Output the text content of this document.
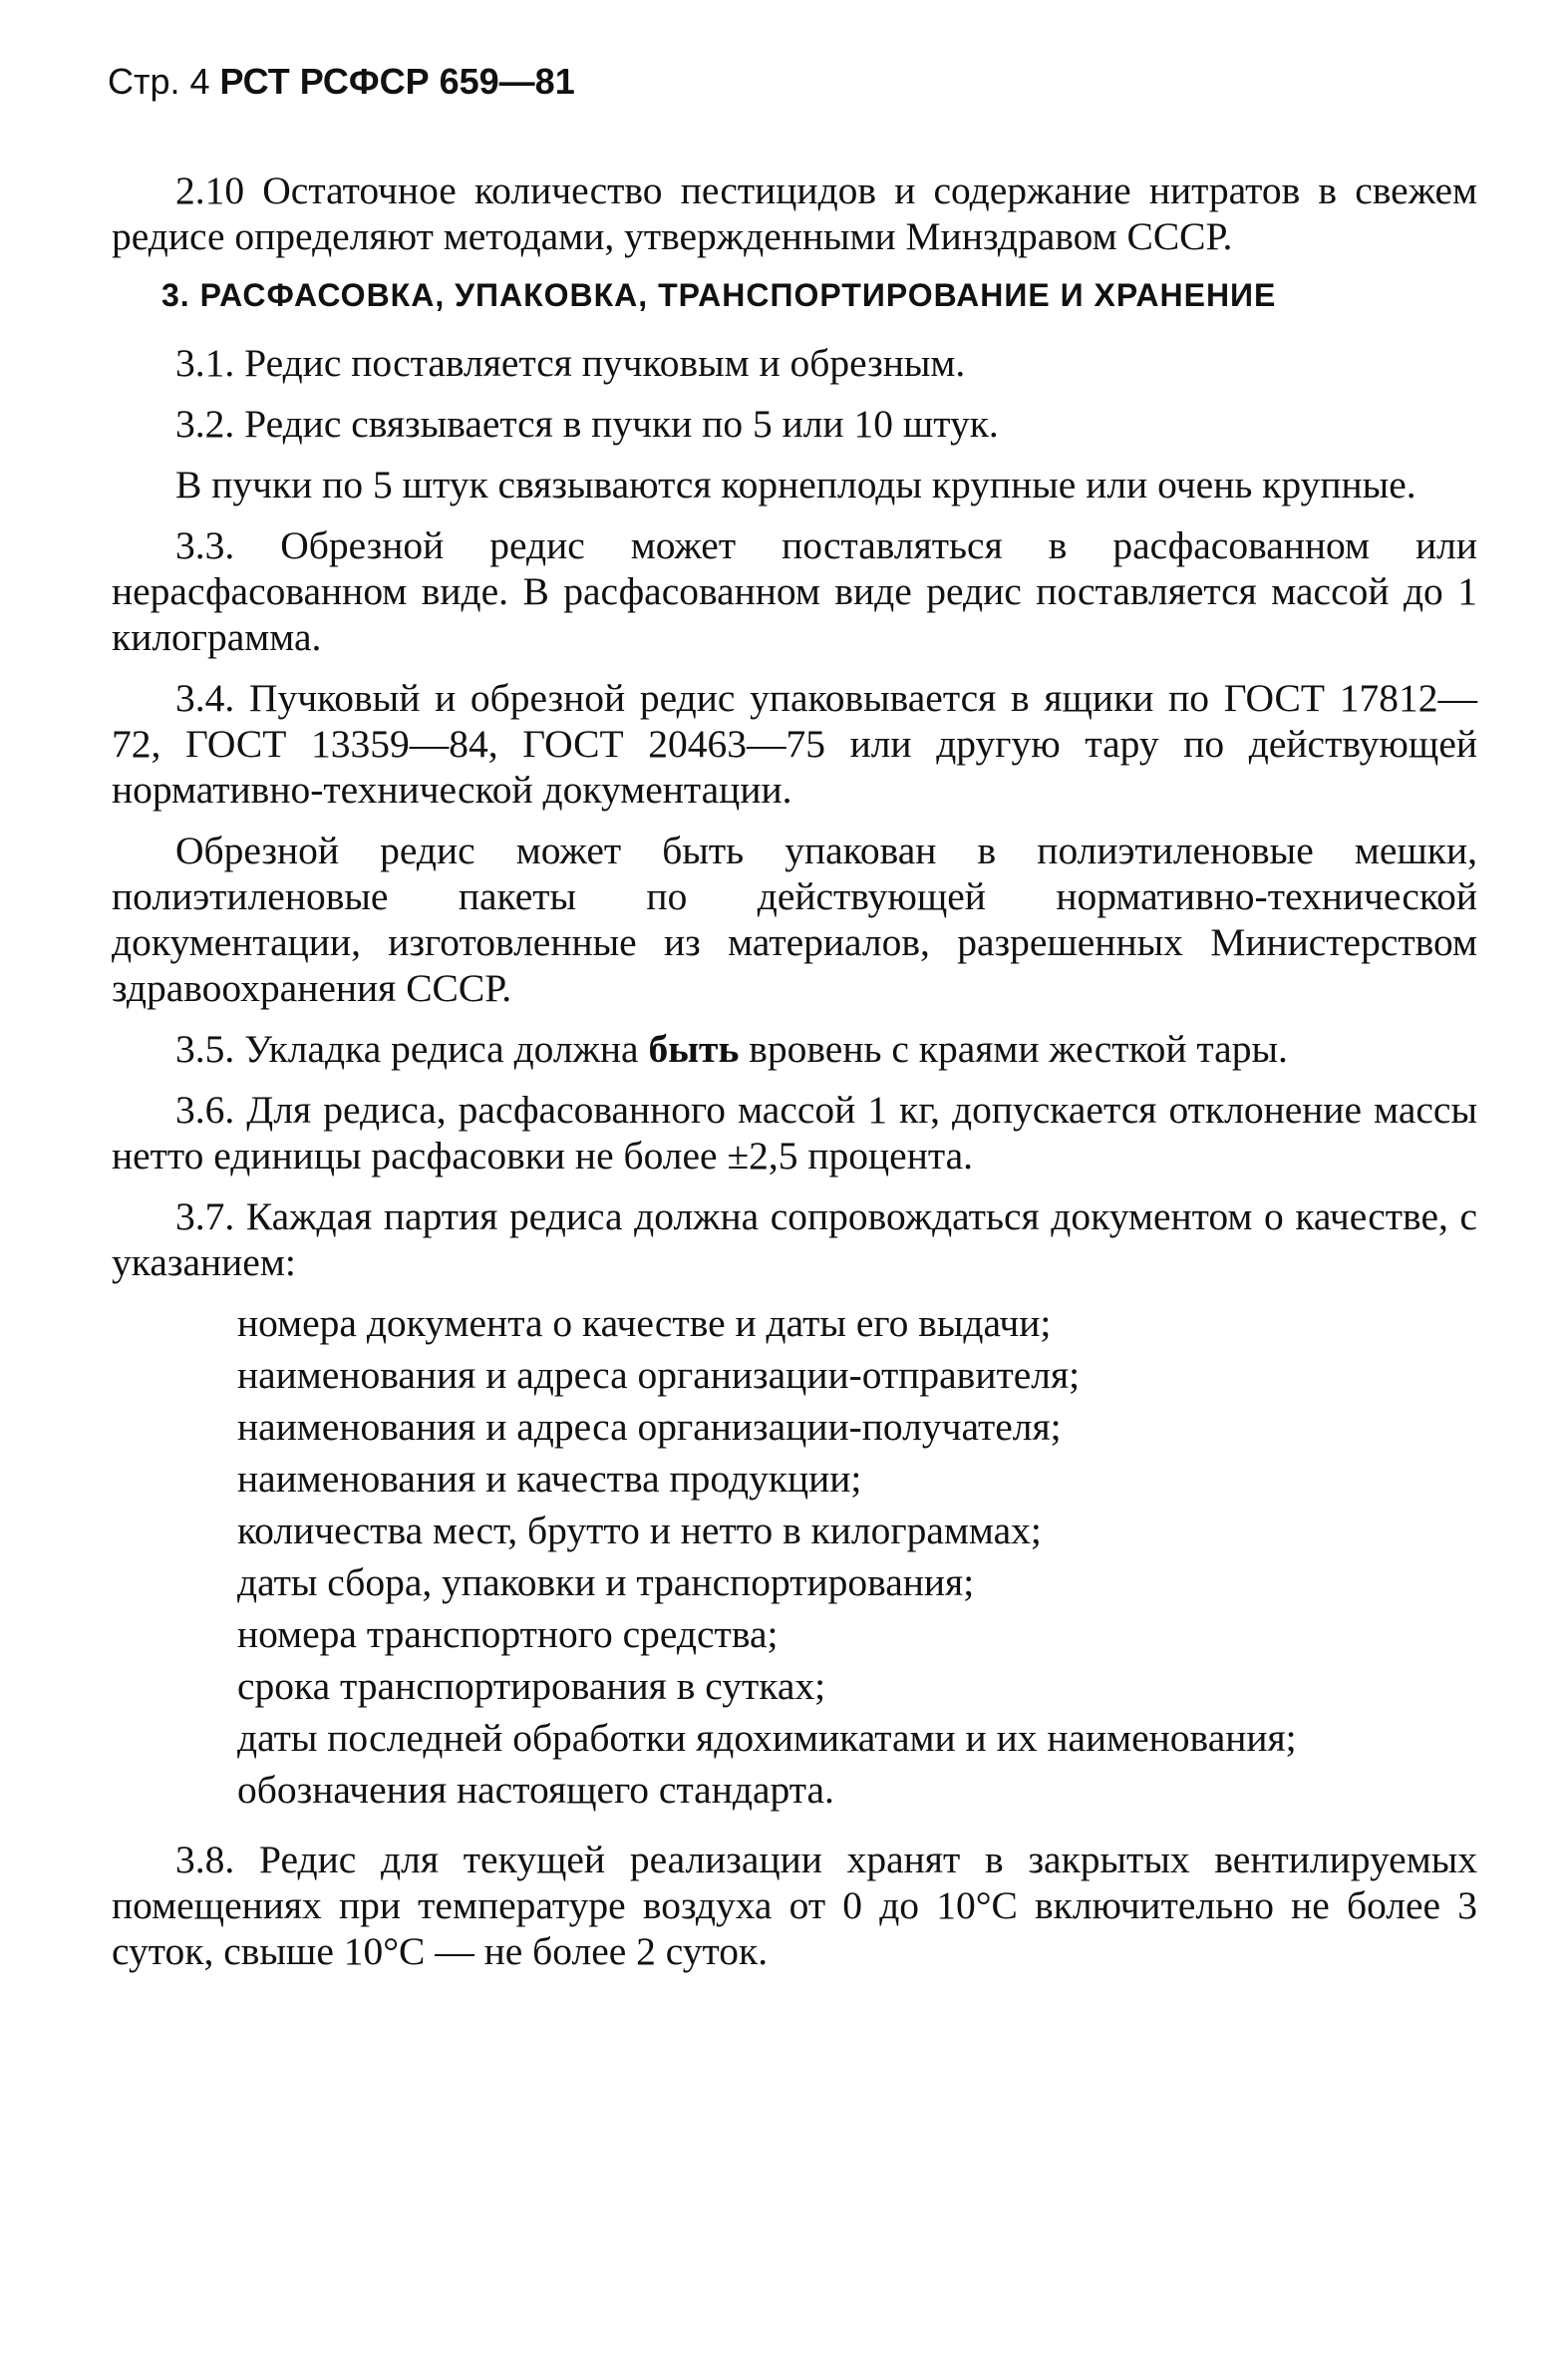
Стр. 4 РСТ РСФСР 659—81

2.10 Остаточное количество пестицидов и содержание нитратов в свежем редисе определяют методами, утвержденными Минздравом СССР.

3. РАСФАСОВКА, УПАКОВКА, ТРАНСПОРТИРОВАНИЕ И ХРАНЕНИЕ

3.1. Редис поставляется пучковым и обрезным.

3.2. Редис связывается в пучки по 5 или 10 штук.

В пучки по 5 штук связываются корнеплоды крупные или очень крупные.

3.3. Обрезной редис может поставляться в расфасованном или нерасфасованном виде. В расфасованном виде редис поставляется массой до 1 килограмма.

3.4. Пучковый и обрезной редис упаковывается в ящики по ГОСТ 17812—72, ГОСТ 13359—84, ГОСТ 20463—75 или другую тару по действующей нормативно-технической документации.

Обрезной редис может быть упакован в полиэтиленовые мешки, полиэтиленовые пакеты по действующей нормативно-технической документации, изготовленные из материалов, разрешенных Министерством здравоохранения СССР.

3.5. Укладка редиса должна быть вровень с краями жесткой тары.

3.6. Для редиса, расфасованного массой 1 кг, допускается отклонение массы нетто единицы расфасовки не более ±2,5 процента.

3.7. Каждая партия редиса должна сопровождаться документом о качестве, с указанием:

номера документа о качестве и даты его выдачи;
наименования и адреса организации-отправителя;
наименования и адреса организации-получателя;
наименования и качества продукции;
количества мест, брутто и нетто в килограммах;
даты сбора, упаковки и транспортирования;
номера транспортного средства;
срока транспортирования в сутках;
даты последней обработки ядохимикатами и их наименования;
обозначения настоящего стандарта.

3.8. Редис для текущей реализации хранят в закрытых вентилируемых помещениях при температуре воздуха от 0 до 10°С включительно не более 3 суток, свыше 10°С — не более 2 суток.
